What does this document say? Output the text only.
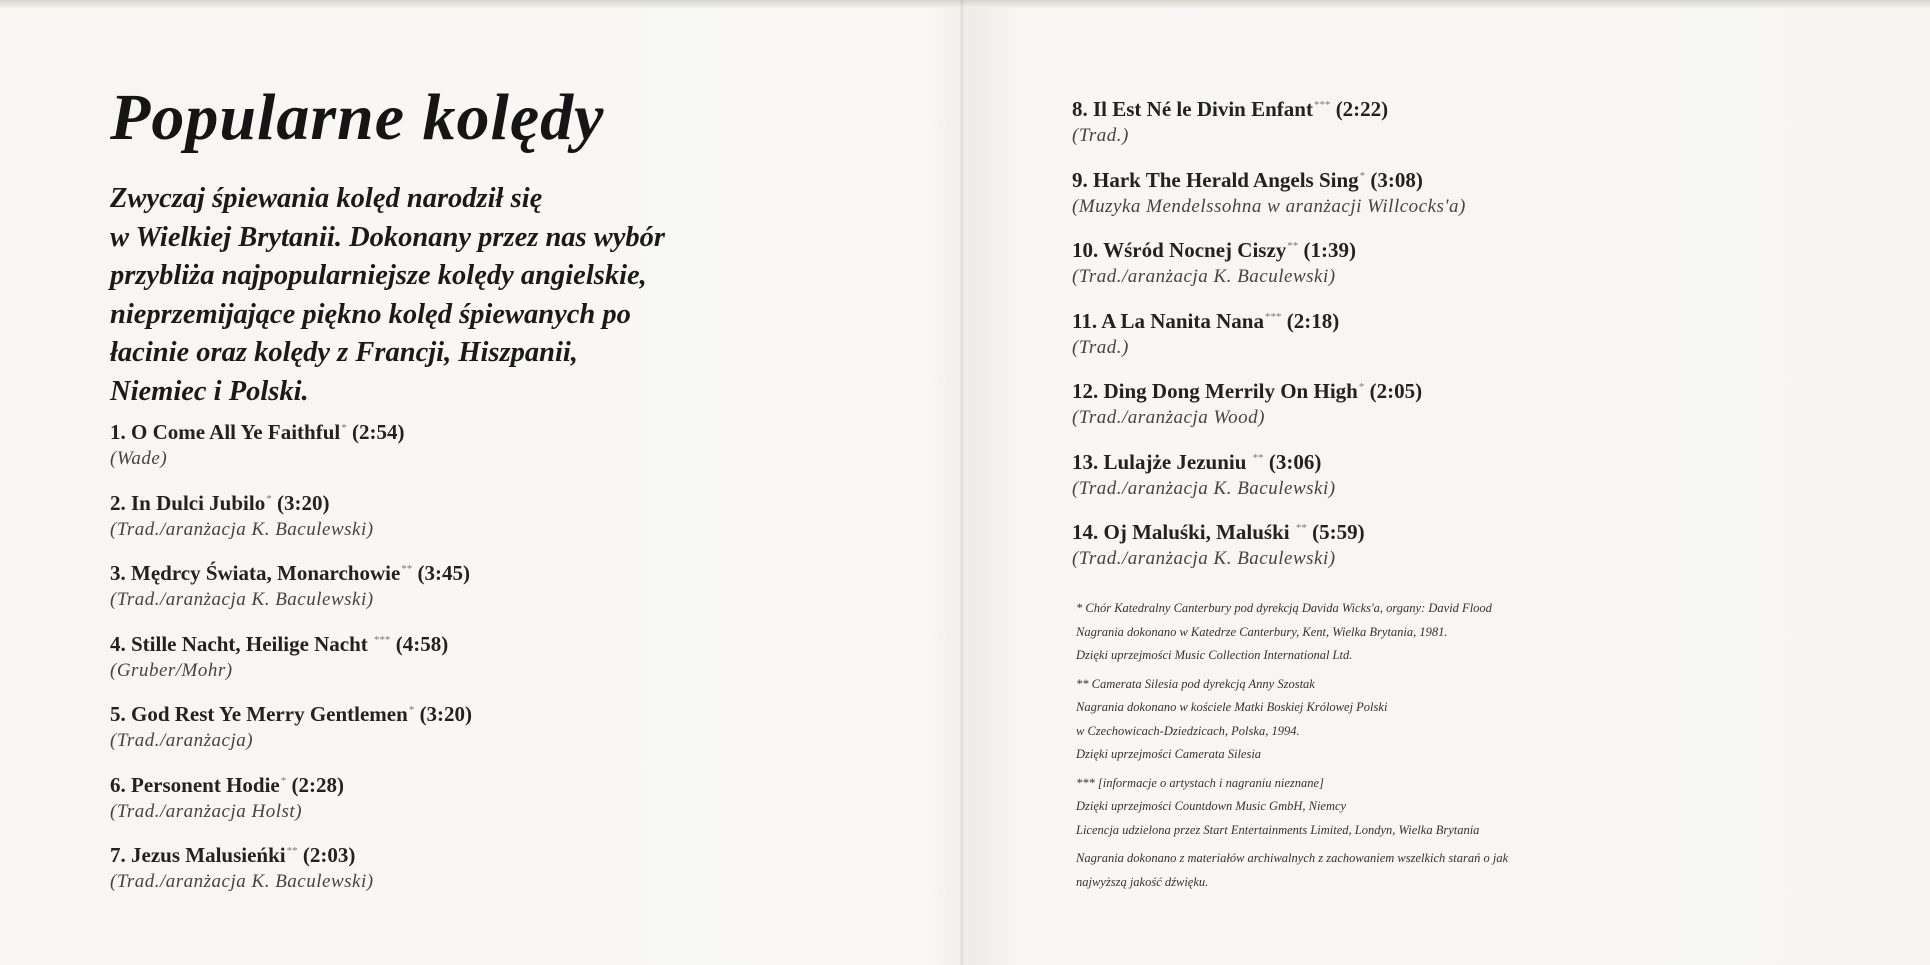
Popularne kolędy
Zwyczaj śpiewania kolęd narodził się
w Wielkiej Brytanii. Dokonany przez nas wybór
przybliża najpopularniejsze kolędy angielskie,
nieprzemijające piękno kolęd śpiewanych po
łacinie oraz kolędy z Francji, Hiszpanii,
Niemiec i Polski.
1. O Come All Ye Faithful* (2:54)
(Wade)
2. In Dulci Jubilo* (3:20)
(Trad./aranżacja K. Baculewski)
3. Mędrcy Świata, Monarchowie** (3:45)
(Trad./aranżacja K. Baculewski)
4. Stille Nacht, Heilige Nacht *** (4:58)
(Gruber/Mohr)
5. God Rest Ye Merry Gentlemen* (3:20)
(Trad./aranżacja)
6. Personent Hodie* (2:28)
(Trad./aranżacja Holst)
7. Jezus Malusieńki** (2:03)
(Trad./aranżacja K. Baculewski)
8. Il Est Né le Divin Enfant*** (2:22)
(Trad.)
9. Hark The Herald Angels Sing* (3:08)
(Muzyka Mendelssohna w aranżacji Willcocks'a)
10. Wśród Nocnej Ciszy** (1:39)
(Trad./aranżacja K. Baculewski)
11. A La Nanita Nana*** (2:18)
(Trad.)
12. Ding Dong Merrily On High* (2:05)
(Trad./aranżacja Wood)
13. Lulajże Jezuniu ** (3:06)
(Trad./aranżacja K. Baculewski)
14. Oj Maluśki, Maluśki ** (5:59)
(Trad./aranżacja K. Baculewski)
* Chór Katedralny Canterbury pod dyrekcją Davida Wicks'a, organy: David Flood
Nagrania dokonano w Katedrze Canterbury, Kent, Wielka Brytania, 1981.
Dzięki uprzejmości Music Collection International Ltd.
** Camerata Silesia pod dyrekcją Anny Szostak
Nagrania dokonano w kościele Matki Boskiej Królowej Polski
w Czechowicach-Dziedzicach, Polska, 1994.
Dzięki uprzejmości Camerata Silesia
*** [informacje o artystach i nagraniu nieznane]
Dzięki uprzejmości Countdown Music GmbH, Niemcy
Licencja udzielona przez Start Entertainments Limited, Londyn, Wielka Brytania
Nagrania dokonano z materiałów archiwalnych z zachowaniem wszelkich starań o jak
najwyższą jakość dźwięku.
